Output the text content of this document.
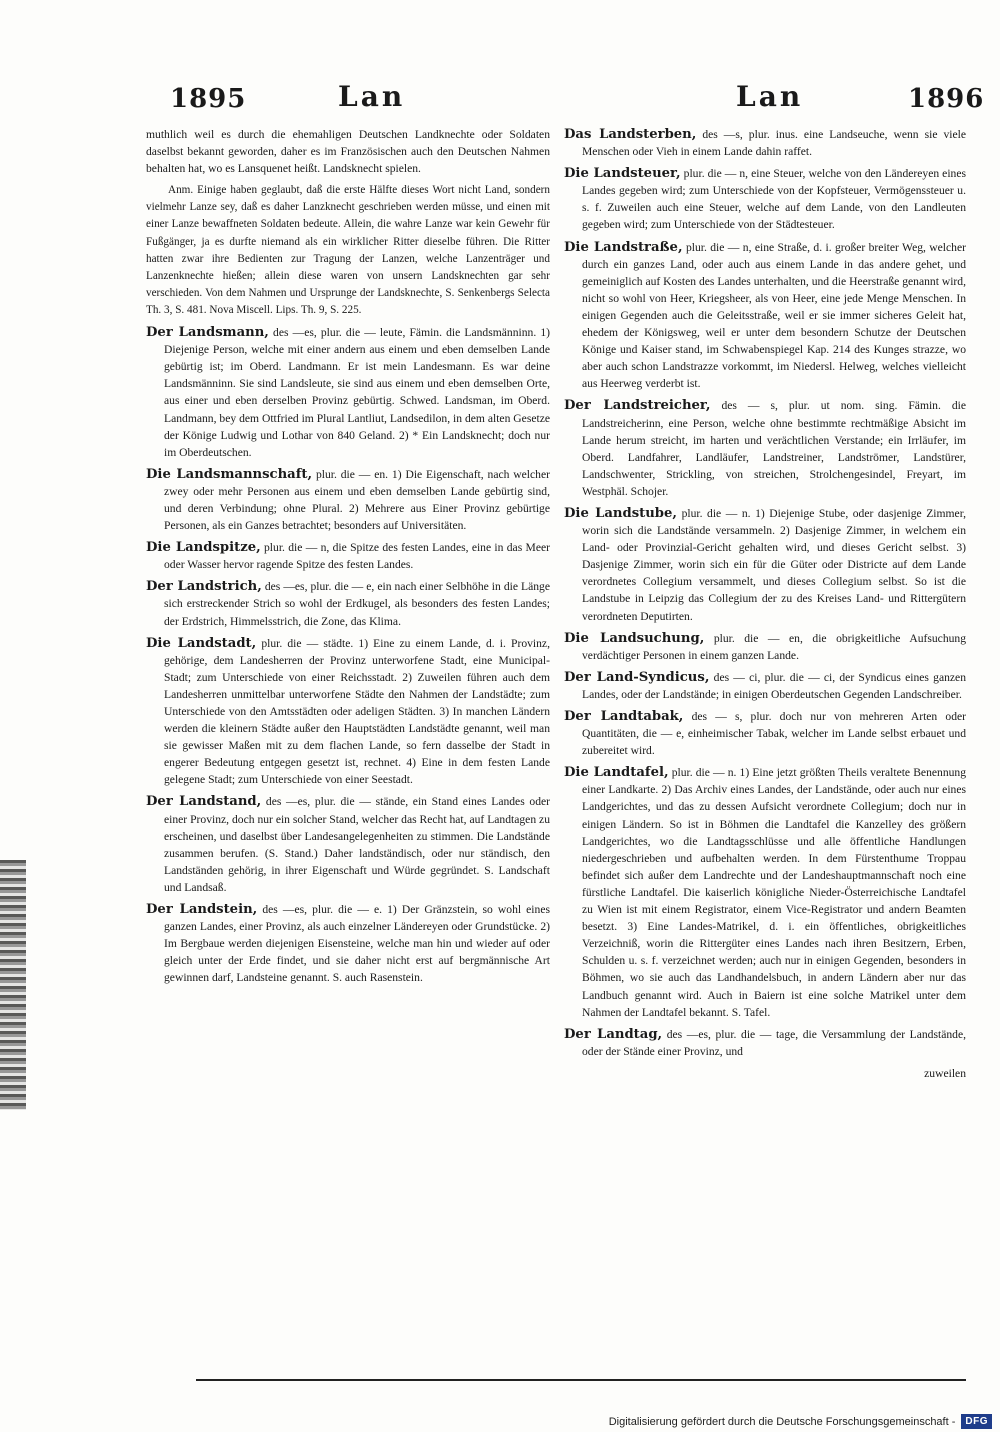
1895	Lan	Lan	1896

muthlich weil es durch die ehemahligen Deutschen Landknechte oder Soldaten daselbst bekannt geworden, daher es im Französischen auch den Deutschen Nahmen behalten hat, wo es Lansquenet heißt. Landsknecht spielen.

Anm. Einige haben geglaubt, daß die erste Hälfte dieses Wort nicht Land, sondern vielmehr Lanze sey, daß es daher Lanzknecht geschrieben werden müsse, und einen mit einer Lanze bewaffneten Soldaten bedeute. Allein, die wahre Lanze war kein Gewehr für Fußgänger, ja es durfte niemand als ein wirklicher Ritter dieselbe führen. Die Ritter hatten zwar ihre Bedienten zur Tragung der Lanzen, welche Lanzenträger und Lanzenknechte hießen; allein diese waren von unsern Landsknechten gar sehr verschieden. Von dem Nahmen und Ursprunge der Landsknechte, S. Senkenbergs Selecta Th. 3, S. 481. Nova Miscell. Lips. Th. 9, S. 225.

Der Landsmann, des —es, plur. die — leute, Fämin. die Landsmänninn. 1) Diejenige Person, welche mit einer andern aus einem und eben demselben Lande gebürtig ist; im Oberd. Landmann. Er ist mein Landesmann. Es war deine Landsmänninn. Sie sind Landsleute, sie sind aus einem und eben demselben Orte, aus einer und eben derselben Provinz gebürtig. Schwed. Landsman, im Oberd. Landmann, bey dem Ottfried im Plural Lantliut, Landsedilon, in dem alten Gesetze der Könige Ludwig und Lothar von 840 Geland. 2) * Ein Landsknecht; doch nur im Oberdeutschen.

Die Landsmannschaft, plur. die — en. 1) Die Eigenschaft, nach welcher zwey oder mehr Personen aus einem und eben demselben Lande gebürtig sind, und deren Verbindung; ohne Plural. 2) Mehrere aus Einer Provinz gebürtige Personen, als ein Ganzes betrachtet; besonders auf Universitäten.

Die Landspitze, plur. die — n, die Spitze des festen Landes, eine in das Meer oder Wasser hervor ragende Spitze des festen Landes.

Der Landstrich, des —es, plur. die — e, ein nach einer Selbhöhe in die Länge sich erstreckender Strich so wohl der Erdkugel, als besonders des festen Landes; der Erdstrich, Himmelsstrich, die Zone, das Klima.

Die Landstadt, plur. die — städte. 1) Eine zu einem Lande, d. i. Provinz, gehörige, dem Landesherren der Provinz unterworfene Stadt, eine Municipal-Stadt; zum Unterschiede von einer Reichsstadt. 2) Zuweilen führen auch dem Landesherren unmittelbar unterworfene Städte den Nahmen der Landstädte; zum Unterschiede von den Amtsstädten oder adeligen Städten. 3) In manchen Ländern werden die kleinern Städte außer den Hauptstädten Landstädte genannt, weil man sie gewisser Maßen mit zu dem flachen Lande, so fern dasselbe der Stadt in engerer Bedeutung entgegen gesetzt ist, rechnet. 4) Eine in dem festen Lande gelegene Stadt; zum Unterschiede von einer Seestadt.

Der Landstand, des —es, plur. die — stände, ein Stand eines Landes oder einer Provinz, doch nur ein solcher Stand, welcher das Recht hat, auf Landtagen zu erscheinen, und daselbst über Landesangelegenheiten zu stimmen. Die Landstände zusammen berufen. (S. Stand.) Daher landständisch, oder nur ständisch, den Landständen gehörig, in ihrer Eigenschaft und Würde gegründet. S. Landschaft und Landsaß.

Der Landstein, des —es, plur. die — e. 1) Der Gränzstein, so wohl eines ganzen Landes, einer Provinz, als auch einzelner Ländereyen oder Grundstücke. 2) Im Bergbaue werden diejenigen Eisensteine, welche man hin und wieder auf oder gleich unter der Erde findet, und sie daher nicht erst auf bergmännische Art gewinnen darf, Landsteine genannt. S. auch Rasenstein.

Das Landsterben, des —s, plur. inus. eine Landseuche, wenn sie viele Menschen oder Vieh in einem Lande dahin raffet.

Die Landsteuer, plur. die — n, eine Steuer, welche von den Ländereyen eines Landes gegeben wird; zum Unterschiede von der Kopfsteuer, Vermögenssteuer u. s. f. Zuweilen auch eine Steuer, welche auf dem Lande, von den Landleuten gegeben wird; zum Unterschiede von der Städtesteuer.

Die Landstraße, plur. die — n, eine Straße, d. i. großer breiter Weg, welcher durch ein ganzes Land, oder auch aus einem Lande in das andere gehet, und gemeiniglich auf Kosten des Landes unterhalten, und die Heerstraße genannt wird, nicht so wohl von Heer, Kriegsheer, als von Heer, eine jede Menge Menschen. In einigen Gegenden auch die Geleitsstraße, weil er sie immer sicheres Geleit hat, ehedem der Königsweg, weil er unter dem besondern Schutze der Deutschen Könige und Kaiser stand, im Schwabenspiegel Kap. 214 des Kunges strazze, wo aber auch schon Landstrazze vorkommt, im Niedersl. Helweg, welches vielleicht aus Heerweg verderbt ist.

Der Landstreicher, des — s, plur. ut nom. sing. Fämin. die Landstreicherinn, eine Person, welche ohne bestimmte rechtmäßige Absicht im Lande herum streicht, im harten und verächtlichen Verstande; ein Irrläufer, im Oberd. Landfahrer, Landläufer, Landstreiner, Landströmer, Landstürer, Landschwenter, Strickling, von streichen, Strolchengesindel, Freyart, im Westphäl. Schojer.

Die Landstube, plur. die — n. 1) Diejenige Stube, oder dasjenige Zimmer, worin sich die Landstände versammeln. 2) Dasjenige Zimmer, in welchem ein Land- oder Provinzial-Gericht gehalten wird, und dieses Gericht selbst. 3) Dasjenige Zimmer, worin sich ein für die Güter oder Districte auf dem Lande verordnetes Collegium versammelt, und dieses Collegium selbst. So ist die Landstube in Leipzig das Collegium der zu des Kreises Land- und Rittergütern verordneten Deputirten.

Die Landsuchung, plur. die — en, die obrigkeitliche Aufsuchung verdächtiger Personen in einem ganzen Lande.

Der Land-Syndicus, des — ci, plur. die — ci, der Syndicus eines ganzen Landes, oder der Landstände; in einigen Oberdeutschen Gegenden Landschreiber.

Der Landtabak, des — s, plur. doch nur von mehreren Arten oder Quantitäten, die — e, einheimischer Tabak, welcher im Lande selbst erbauet und zubereitet wird.

Die Landtafel, plur. die — n. 1) Eine jetzt größten Theils veraltete Benennung einer Landkarte. 2) Das Archiv eines Landes, der Landstände, oder auch nur eines Landgerichtes, und das zu dessen Aufsicht verordnete Collegium; doch nur in einigen Ländern. So ist in Böhmen die Landtafel die Kanzelley des größern Landgerichtes, wo die Landtagsschlüsse und alle öffentliche Handlungen niedergeschrieben und aufbehalten werden. In dem Fürstenthume Troppau befindet sich außer dem Landrechte und der Landeshauptmannschaft noch eine fürstliche Landtafel. Die kaiserlich königliche Nieder-Österreichische Landtafel zu Wien ist mit einem Registrator, einem Vice-Registrator und andern Beamten besetzt. 3) Eine Landes-Matrikel, d. i. ein öffentliches, obrigkeitliches Verzeichniß, worin die Rittergüter eines Landes nach ihren Besitzern, Erben, Schulden u. s. f. verzeichnet werden; auch nur in einigen Gegenden, besonders in Böhmen, wo sie auch das Landhandelsbuch, in andern Ländern aber nur das Landbuch genannt wird. Auch in Baiern ist eine solche Matrikel unter dem Nahmen der Landtafel bekannt. S. Tafel.

Der Landtag, des —es, plur. die — tage, die Versammlung der Landstände, oder der Stände einer Provinz, und

zuweilen

Digitalisierung gefördert durch die Deutsche Forschungsgemeinschaft -	DFG
